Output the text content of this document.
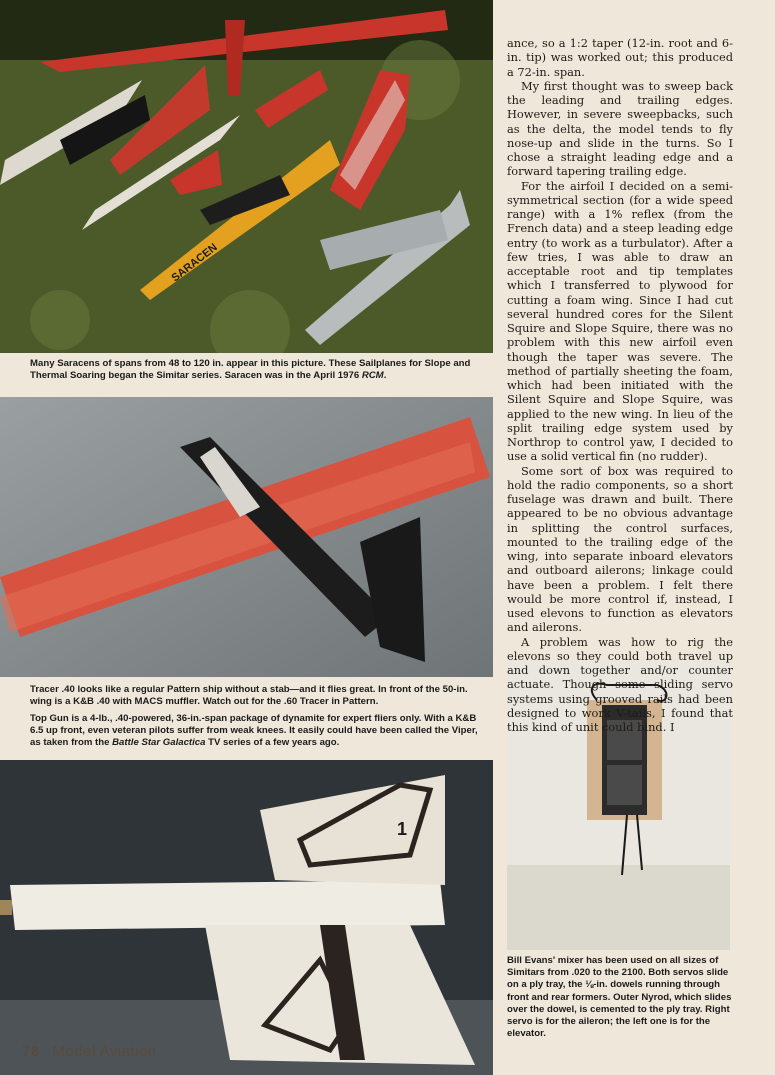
SARACEN

Many Saracens of spans from 48 to 120 in. appear in this picture. These Sailplanes for Slope and Thermal Soaring began the Simitar series. Saracen was in the April 1976 RCM.

Tracer .40 looks like a regular Pattern ship without a stab—and it flies great. In front of the 50-in. wing is a K&B .40 with MACS muffler. Watch out for the .60 Tracer in Pattern.

Top Gun is a 4-lb., .40-powered, 36-in.-span package of dynamite for expert fliers only. With a K&B 6.5 up front, even veteran pilots suffer from weak knees. It easily could have been called the Viper, as taken from the Battle Star Galactica TV series of a few years ago.

1

Bill Evans' mixer has been used on all sizes of Simitars from .020 to the 2100. Both servos slide on a ply tray, the ⅛-in. dowels running through front and rear formers. Outer Nyrod, which slides over the dowel, is cemented to the ply tray. Right servo is for the aileron; the left one is for the elevator.

ance, so a 1:2 taper (12-in. root and 6-in. tip) was worked out; this produced a 72-in. span.

My first thought was to sweep back the leading and trailing edges. However, in severe sweepbacks, such as the delta, the model tends to fly nose-up and slide in the turns. So I chose a straight leading edge and a forward tapering trailing edge.

For the airfoil I decided on a semi-symmetrical section (for a wide speed range) with a 1% reflex (from the French data) and a steep leading edge entry (to work as a turbulator). After a few tries, I was able to draw an acceptable root and tip templates which I transferred to plywood for cutting a foam wing. Since I had cut several hundred cores for the Silent Squire and Slope Squire, there was no problem with this new airfoil even though the taper was severe. The method of partially sheeting the foam, which had been initiated with the Silent Squire and Slope Squire, was applied to the new wing. In lieu of the split trailing edge system used by Northrop to control yaw, I decided to use a solid vertical fin (no rudder).

Some sort of box was required to hold the radio components, so a short fuselage was drawn and built. There appeared to be no obvious advantage in splitting the control surfaces, mounted to the trailing edge of the wing, into separate inboard elevators and outboard ailerons; linkage could have been a problem. I felt there would be more control if, instead, I used elevons to function as elevators and ailerons.

A problem was how to rig the elevons so they could both travel up and down together and/or counter actuate. Though some sliding servo systems using grooved rails had been designed to work V-tails, I found that this kind of unit could bind. I

78 Model Aviation
